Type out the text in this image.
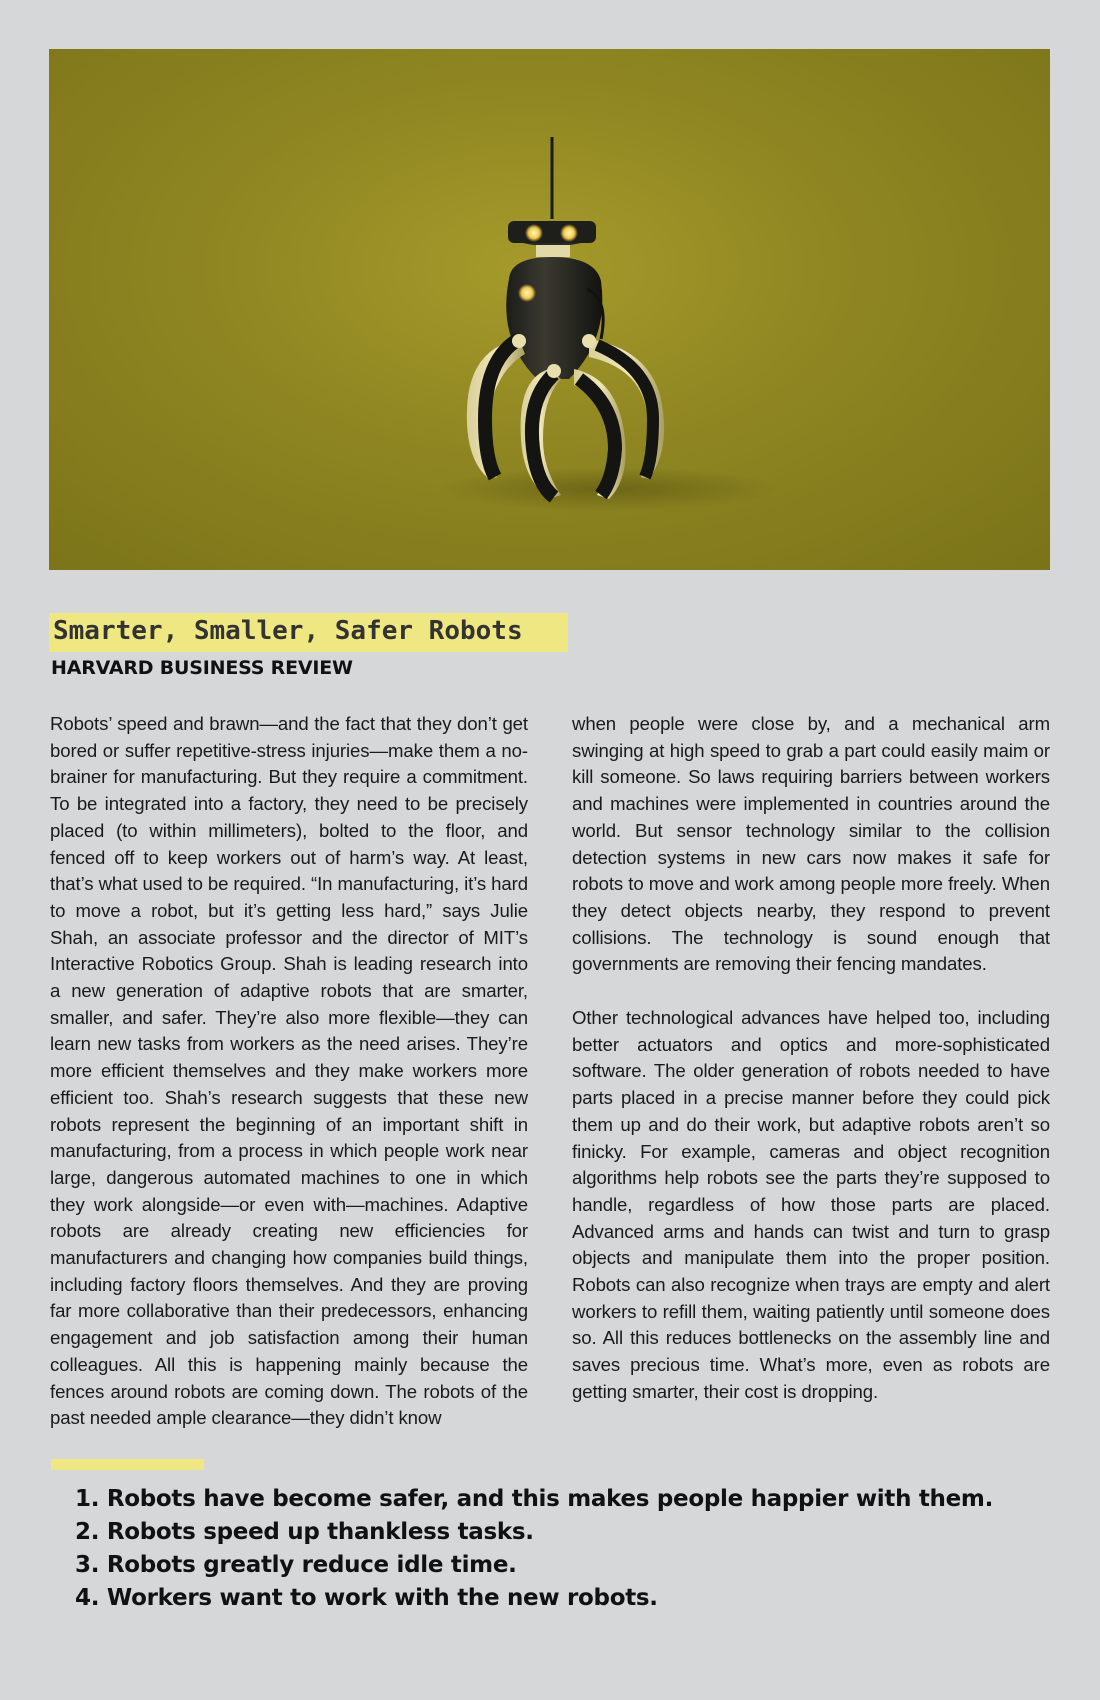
Smarter, Smaller, Safer Robots
HARVARD BUSINESS REVIEW

Robots’ speed and brawn—and the fact that they don’t get bored or suffer repetitive-stress injuries—make them a no-brainer for manufacturing. But they require a commitment. To be integrated into a factory, they need to be precisely placed (to within millimeters), bolted to the floor, and fenced off to keep workers out of harm’s way. At least, that’s what used to be required. “In manufacturing, it’s hard to move a robot, but it’s getting less hard,” says Julie Shah, an associate professor and the director of MIT’s Interactive Robotics Group. Shah is leading research into a new generation of adaptive robots that are smarter, smaller, and safer. They’re also more flexible—they can learn new tasks from workers as the need arises. They’re more efficient themselves and they make workers more efficient too. Shah’s research suggests that these new robots represent the beginning of an important shift in manufacturing, from a process in which people work near large, dangerous automated machines to one in which they work alongside—or even with—machines. Adaptive robots are already creating new efficiencies for manufacturers and changing how companies build things, including factory floors themselves. And they are proving far more collaborative than their predecessors, enhancing engagement and job satisfaction among their human colleagues. All this is happening mainly because the fences around robots are coming down. The robots of the past needed ample clearance—they didn’t know

when people were close by, and a mechanical arm swinging at high speed to grab a part could easily maim or kill someone. So laws requiring barriers between workers and machines were implemented in countries around the world. But sensor technology similar to the collision detection systems in new cars now makes it safe for robots to move and work among people more freely. When they detect objects nearby, they respond to prevent collisions. The technology is sound enough that governments are removing their fencing mandates.

Other technological advances have helped too, including better actuators and optics and more-sophisticated software. The older generation of robots needed to have parts placed in a precise manner before they could pick them up and do their work, but adaptive robots aren’t so finicky. For example, cameras and object recognition algorithms help robots see the parts they’re supposed to handle, regardless of how those parts are placed. Advanced arms and hands can twist and turn to grasp objects and manipulate them into the proper position. Robots can also recognize when trays are empty and alert workers to refill them, waiting patiently until someone does so. All this reduces bottlenecks on the assembly line and saves precious time. What’s more, even as robots are getting smarter, their cost is dropping.

1. Robots have become safer, and this makes people happier with them.
2. Robots speed up thankless tasks.
3. Robots greatly reduce idle time.
4. Workers want to work with the new robots.
